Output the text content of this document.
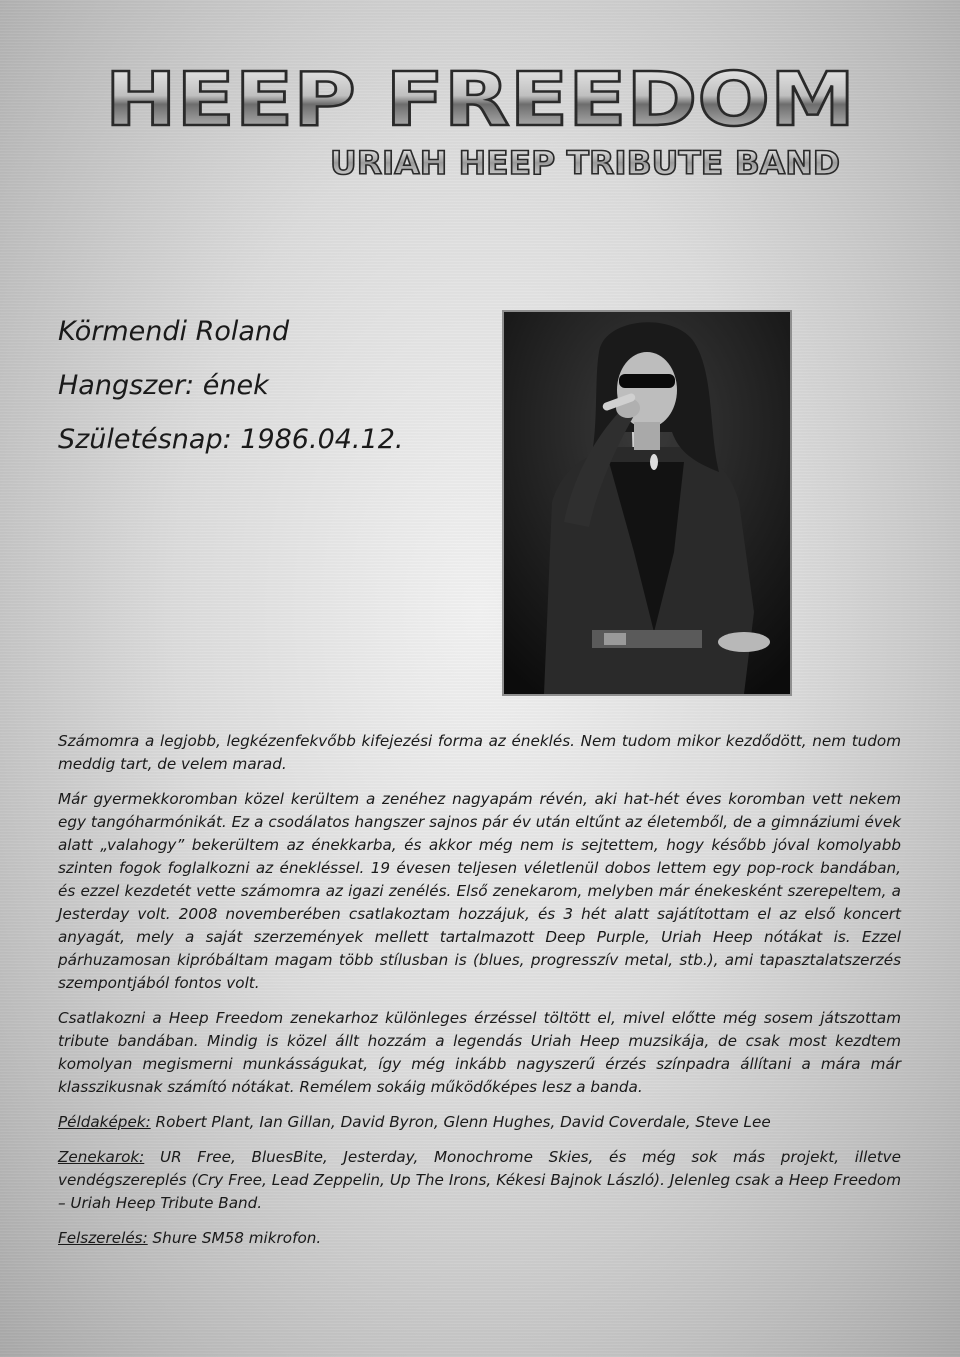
HEEP FREEDOM
URIAH HEEP TRIBUTE BAND
Körmendi Roland
Hangszer: ének
Születésnap: 1986.04.12.

Számomra a legjobb, legkézenfekvőbb kifejezési forma az éneklés. Nem tudom mikor kezdődött, nem tudom meddig tart, de velem marad.

Már gyermekkoromban közel kerültem a zenéhez nagyapám révén, aki hat-hét éves koromban vett nekem egy tangóharmónikát. Ez a csodálatos hangszer sajnos pár év után eltűnt az életemből, de a gimnáziumi évek alatt „valahogy” bekerültem az énekkarba, és akkor még nem is sejtettem, hogy később jóval komolyabb szinten fogok foglalkozni az énekléssel. 19 évesen teljesen véletlenül dobos lettem egy pop-rock bandában, és ezzel kezdetét vette számomra az igazi zenélés. Első zenekarom, melyben már énekesként szerepeltem, a Jesterday volt. 2008 novemberében csatlakoztam hozzájuk, és 3 hét alatt sajátítottam el az első koncert anyagát, mely a saját szerzemények mellett tartalmazott Deep Purple, Uriah Heep nótákat is. Ezzel párhuzamosan kipróbáltam magam több stílusban is (blues, progresszív metal, stb.), ami tapasztalatszerzés szempontjából fontos volt.

Csatlakozni a Heep Freedom zenekarhoz különleges érzéssel töltött el, mivel előtte még sosem játszottam tribute bandában. Mindig is közel állt hozzám a legendás Uriah Heep muzsikája, de csak most kezdtem komolyan megismerni munkásságukat, így még inkább nagyszerű érzés színpadra állítani a mára már klasszikusnak számító nótákat. Remélem sokáig működőképes lesz a banda.

Példaképek: Robert Plant, Ian Gillan, David Byron, Glenn Hughes, David Coverdale, Steve Lee

Zenekarok: UR Free, BluesBite, Jesterday, Monochrome Skies, és még sok más projekt, illetve vendégszereplés (Cry Free, Lead Zeppelin, Up The Irons, Kékesi Bajnok László). Jelenleg csak a Heep Freedom – Uriah Heep Tribute Band.

Felszerelés: Shure SM58 mikrofon.
